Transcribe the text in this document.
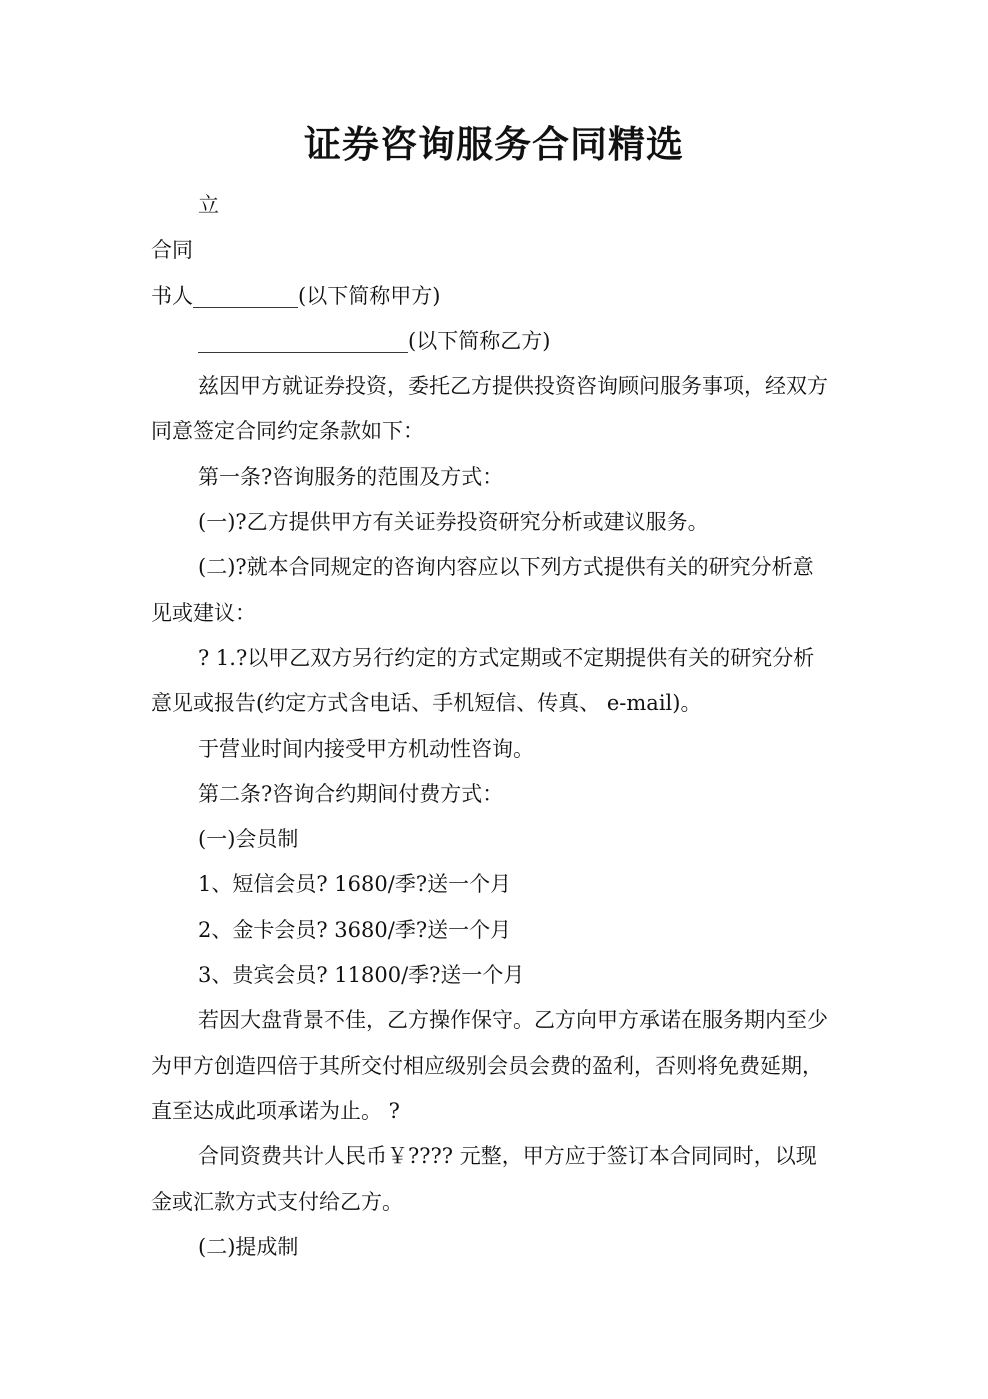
证券咨询服务合同精选

立

合同

书人__________(以下简称甲方)

____________________(以下简称乙方)

兹因甲方就证券投资，委托乙方提供投资咨询顾问服务事项，经双方同意签定合同约定条款如下：

第一条?咨询服务的范围及方式：

(一)?乙方提供甲方有关证券投资研究分析或建议服务。

(二)?就本合同规定的咨询内容应以下列方式提供有关的研究分析意见或建议：

? 1.?以甲乙双方另行约定的方式定期或不定期提供有关的研究分析意见或报告(约定方式含电话、手机短信、传真、 e-mail)。

于营业时间内接受甲方机动性咨询。

第二条?咨询合约期间付费方式：

(一)会员制

1、短信会员? 1680/季?送一个月

2、金卡会员? 3680/季?送一个月

3、贵宾会员? 11800/季?送一个月

若因大盘背景不佳，乙方操作保守。乙方向甲方承诺在服务期内至少为甲方创造四倍于其所交付相应级别会员会费的盈利，否则将免费延期，直至达成此项承诺为止。 ?

合同资费共计人民币￥???? 元整，甲方应于签订本合同同时，以现金或汇款方式支付给乙方。

(二)提成制
